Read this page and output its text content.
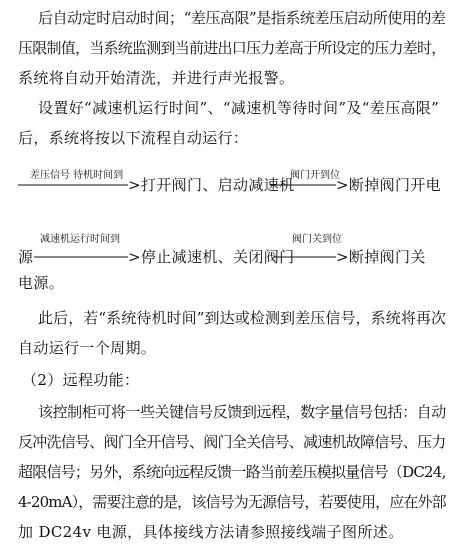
后自动定时启动时间；“差压高限”是指系统差压启动所使用的差
压限制值，当系统监测到当前进出口压力差高于所设定的压力差时，
系统将自动开始清洗，并进行声光报警。
设置好“减速机运行时间”、“减速机等待时间”及“差压高限”
后，系统将按以下流程自动运行：
差压信号 待机时间到
>打开阀门、启动减速机
阀门开到位
>断掉阀门开电
源
减速机运行时间到
>停止减速机、关闭阀门
阀门关到位
>断掉阀门关
电源。
此后，若“系统待机时间”到达或检测到差压信号，系统将再次
自动运行一个周期。
（2）远程功能：
该控制柜可将一些关键信号反馈到远程，数字量信号包括：自动
反冲洗信号、阀门全开信号、阀门全关信号、减速机故障信号、压力
超限信号；另外，系统向远程反馈一路当前差压模拟量信号（DC24,
4-20mA），需要注意的是，该信号为无源信号，若要使用，应在外部
加 DC24v 电源，具体接线方法请参照接线端子图所述。
